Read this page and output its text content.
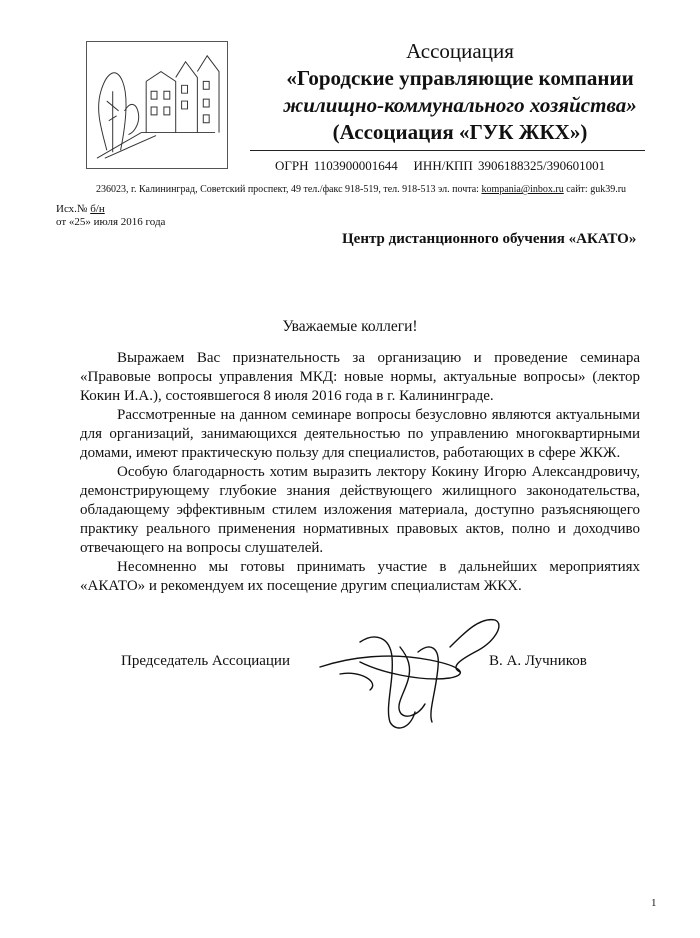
Ассоциация
«Городские управляющие компании
жилищно-коммунального хозяйства»
(Ассоциация «ГУК ЖКХ»)
ОГРН 1103900001644 ИНН/КПП 3906188325/390601001
236023, г. Калининград, Советский проспект, 49 тел./факс 918-519, тел. 918-513 эл. почта: kompania@inbox.ru сайт: guk39.ru
Исх.№ б/н
от «25» июля 2016 года
Центр дистанционного обучения «АКАТО»
Уважаемые коллеги!

Выражаем Вас признательность за организацию и проведение семинара «Правовые вопросы управления МКД: новые нормы, актуальные вопросы» (лектор Кокин И.А.), состоявшегося 8 июля 2016 года в г. Калининграде.

Рассмотренные на данном семинаре вопросы безусловно являются актуальными для организаций, занимающихся деятельностью по управлению многоквартирными домами, имеют практическую пользу для специалистов, работающих в сфере ЖКЖ.

Особую благодарность хотим выразить лектору Кокину Игорю Александровичу, демонстрирующему глубокие знания действующего жилищного законодательства, обладающему эффективным стилем изложения материала, доступно разъясняющего практику реального применения нормативных правовых актов, полно и доходчиво отвечающего на вопросы слушателей.

Несомненно мы готовы принимать участие в дальнейших мероприятиях «АКАТО» и рекомендуем их посещение другим специалистам ЖКХ.

Председатель Ассоциации	В. А. Лучников
1
